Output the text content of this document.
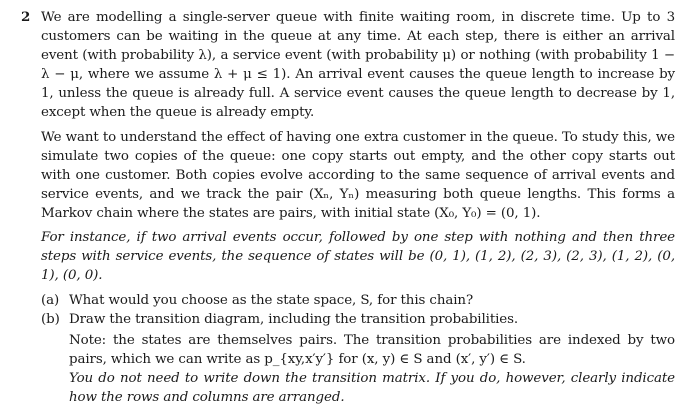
2 We are modelling a single-server queue with finite waiting room, in discrete time. Up to 3 customers can be waiting in the queue at any time. At each step, there is either an arrival event (with probability λ), a service event (with probability μ) or nothing (with probability 1 − λ − μ, where we assume λ + μ ≤ 1). An arrival event causes the queue length to increase by 1, unless the queue is already full. A service event causes the queue length to decrease by 1, except when the queue is already empty.

We want to understand the effect of having one extra customer in the queue. To study this, we simulate two copies of the queue: one copy starts out empty, and the other copy starts out with one customer. Both copies evolve according to the same sequence of arrival events and service events, and we track the pair (Xₙ, Yₙ) measuring both queue lengths. This forms a Markov chain where the states are pairs, with initial state (X₀, Y₀) = (0, 1).

For instance, if two arrival events occur, followed by one step with nothing and then three steps with service events, the sequence of states will be (0, 1), (1, 2), (2, 3), (2, 3), (1, 2), (0, 1), (0, 0).

(a) What would you choose as the state space, S, for this chain?

(b) Draw the transition diagram, including the transition probabilities.

Note: the states are themselves pairs. The transition probabilities are indexed by two pairs, which we can write as p_{xy,x′y′} for (x, y) ∈ S and (x′, y′) ∈ S.

You do not need to write down the transition matrix. If you do, however, clearly indicate how the rows and columns are arranged.
